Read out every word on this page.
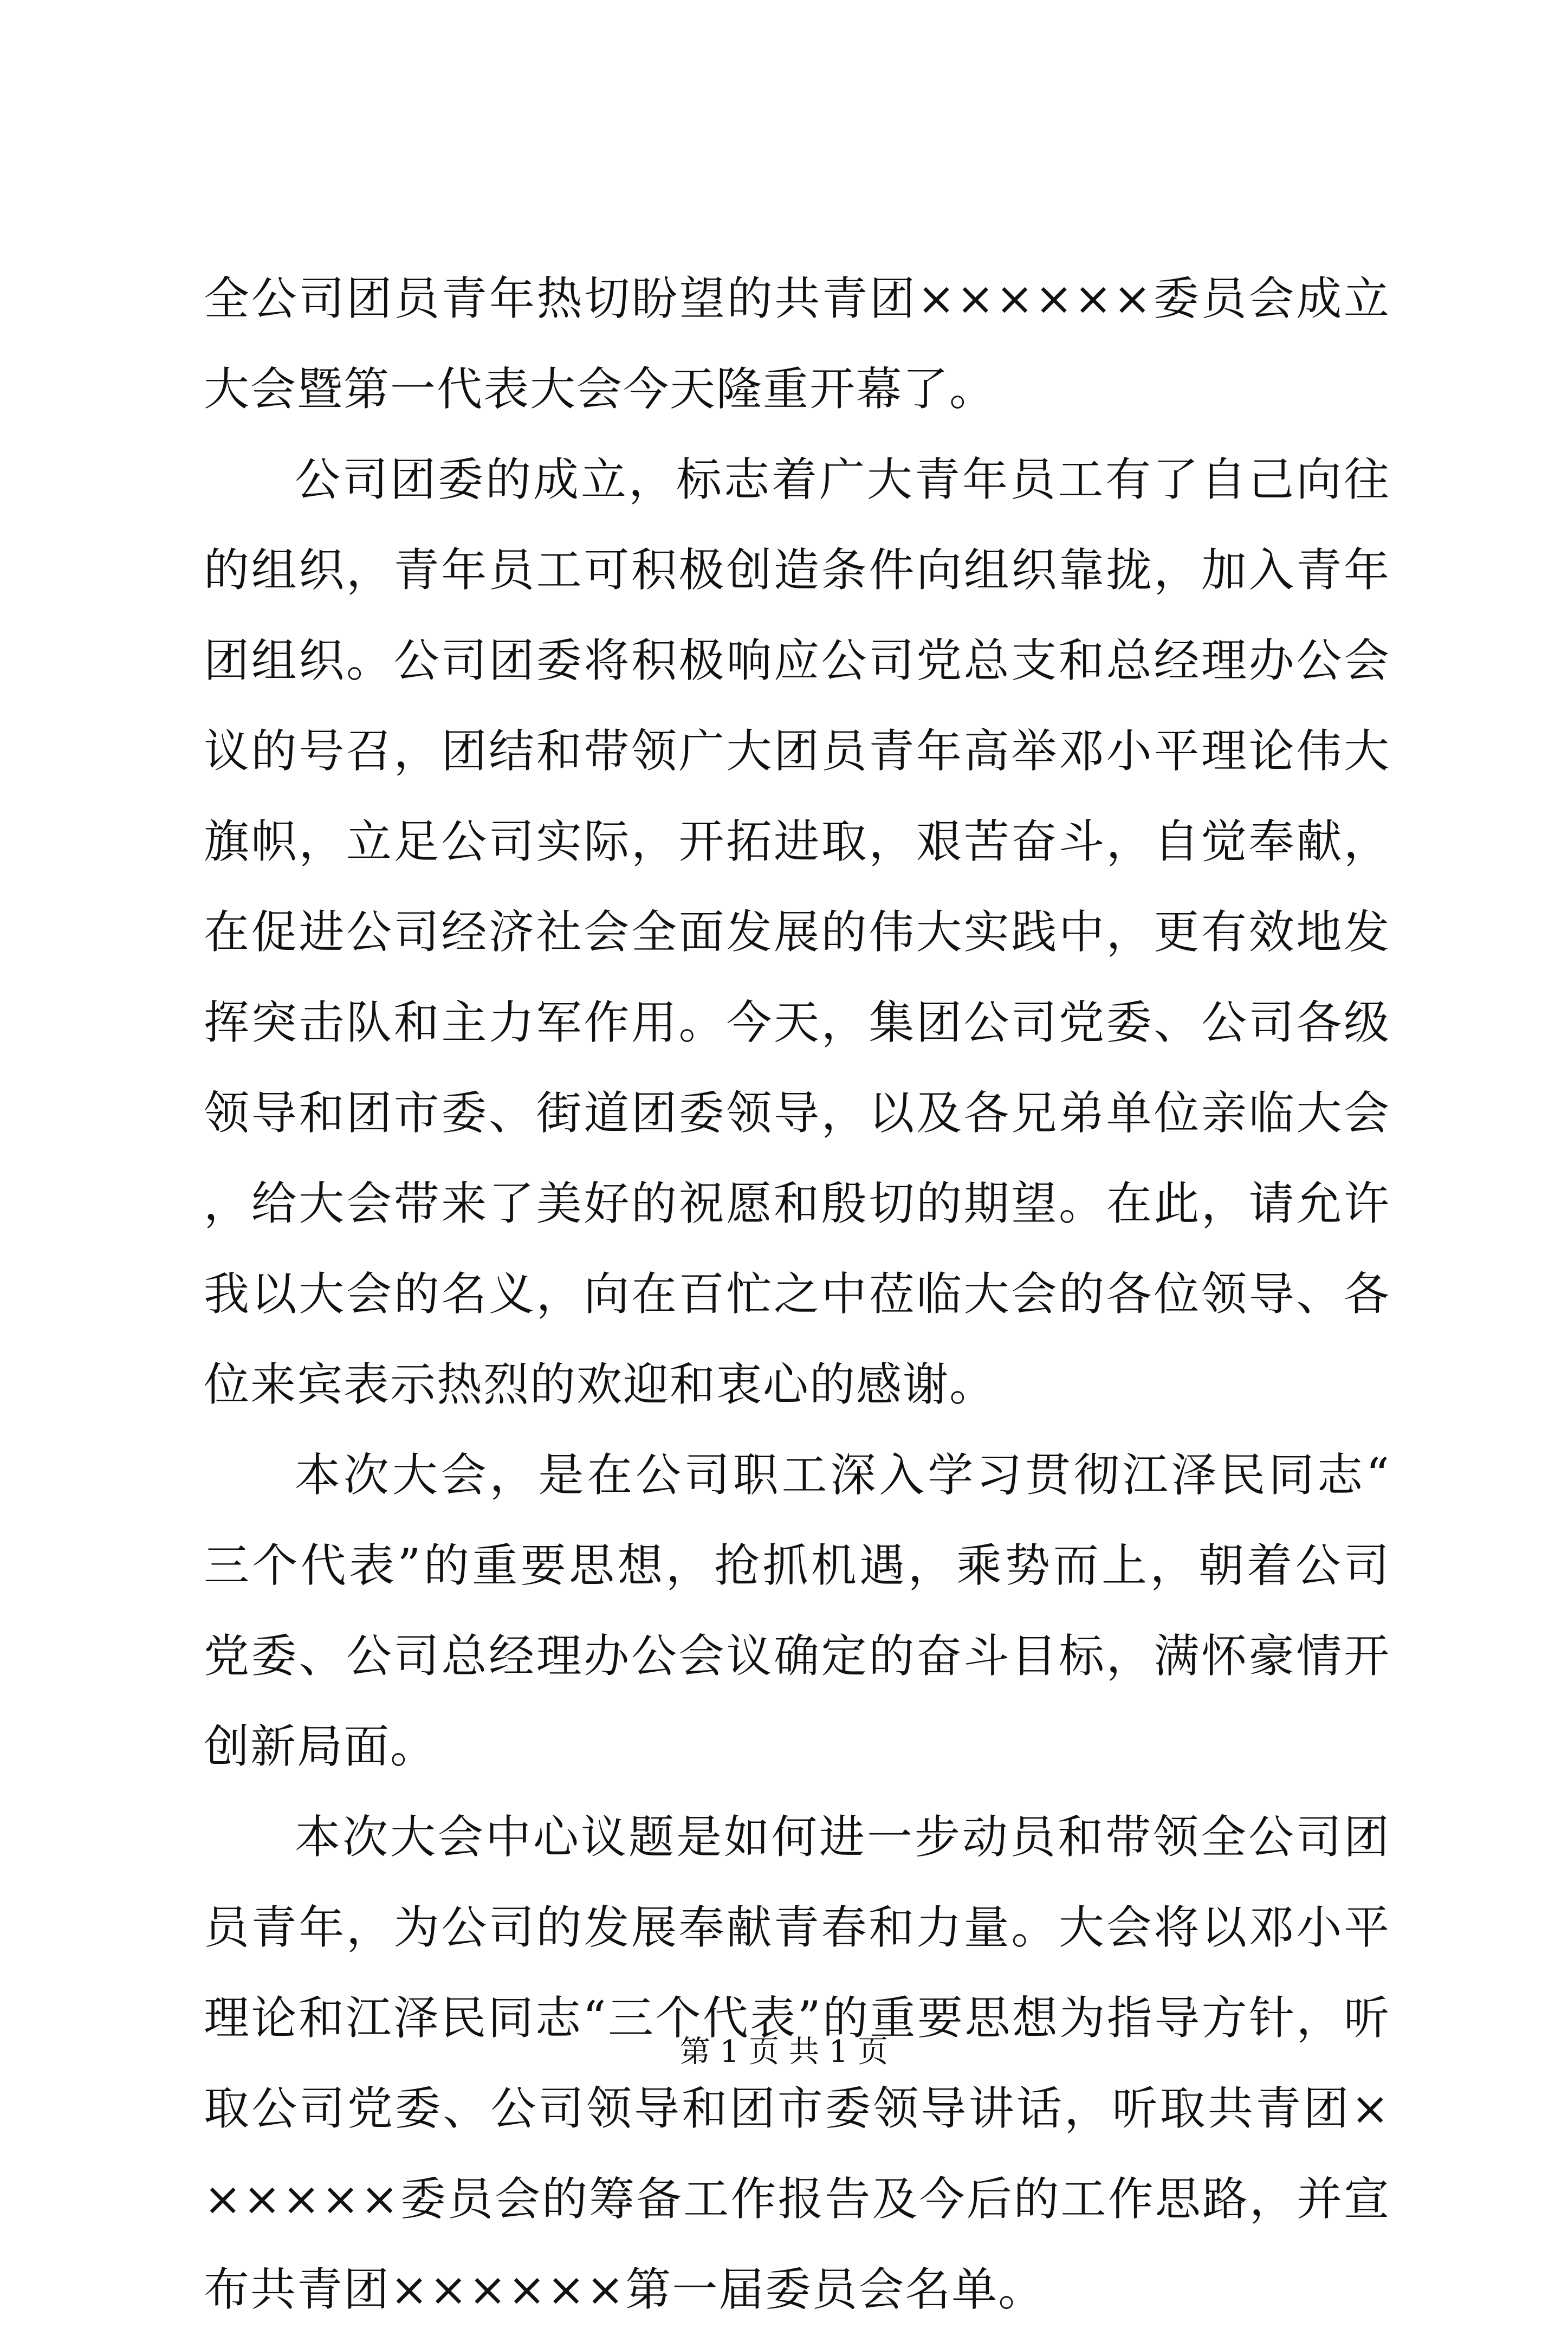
全公司团员青年热切盼望的共青团××××××委员会成立大会暨第一代表大会今天隆重开幕了。

公司团委的成立，标志着广大青年员工有了自己向往的组织，青年员工可积极创造条件向组织靠拢，加入青年团组织。公司团委将积极响应公司党总支和总经理办公会议的号召，团结和带领广大团员青年高举邓小平理论伟大旗帜，立足公司实际，开拓进取，艰苦奋斗，自觉奉献，在促进公司经济社会全面发展的伟大实践中，更有效地发挥突击队和主力军作用。今天，集团公司党委、公司各级领导和团市委、街道团委领导，以及各兄弟单位亲临大会，给大会带来了美好的祝愿和殷切的期望。在此，请允许我以大会的名义，向在百忙之中莅临大会的各位领导、各位来宾表示热烈的欢迎和衷心的感谢。

本次大会，是在公司职工深入学习贯彻江泽民同志“三个代表”的重要思想，抢抓机遇，乘势而上，朝着公司党委、公司总经理办公会议确定的奋斗目标，满怀豪情开创新局面。

本次大会中心议题是如何进一步动员和带领全公司团员青年，为公司的发展奉献青春和力量。大会将以邓小平理论和江泽民同志“三个代表”的重要思想为指导方针，听取公司党委、公司领导和团市委领导讲话，听取共青团××××××委员会的筹备工作报告及今后的工作思路，并宣布共青团××××××第一届委员会名单。

第 1 页 共 1 页
